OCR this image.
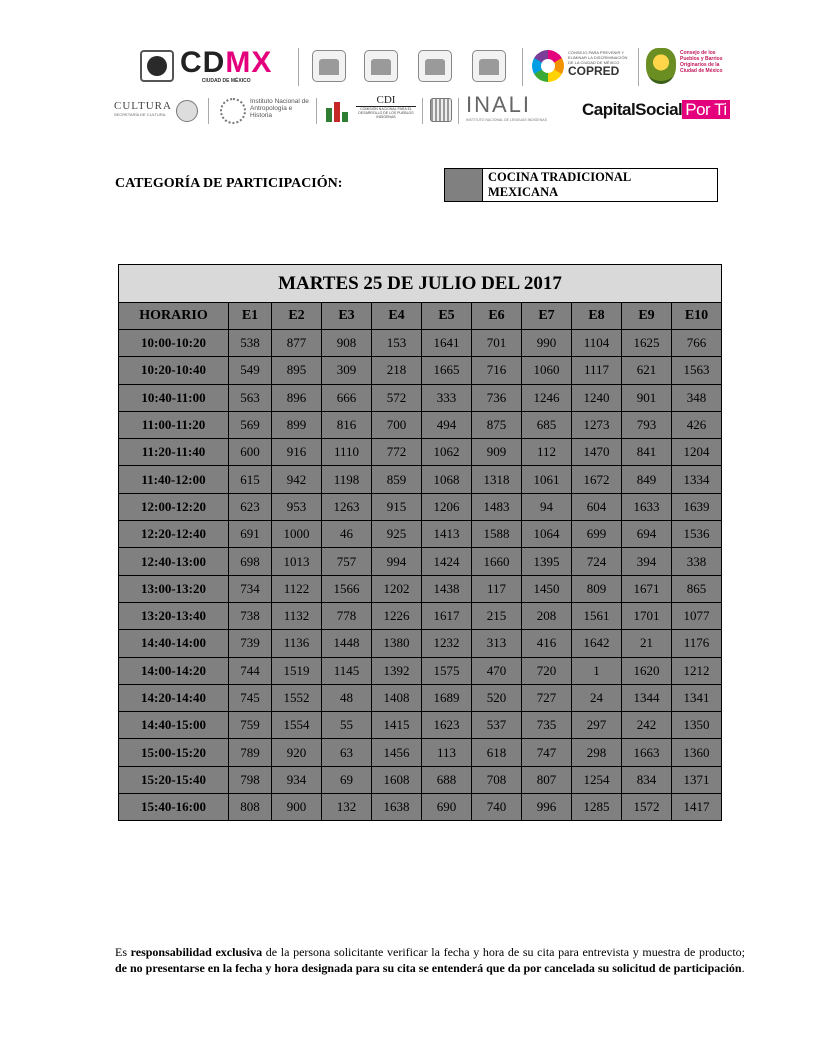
CDMX
CIUDAD DE MÉXICO
CONSEJO PARA PREVENIR Y ELIMINAR LA DISCRIMINACIÓN DE LA CIUDAD DE MÉXICO
COPRED
Consejo de los Pueblos y Barrios Originarios de la Ciudad de México
CULTURA
SECRETARÍA DE CULTURA
Instituto Nacional de Antropología e Historia
CDI
COMISIÓN NACIONAL PARA EL DESARROLLO DE LOS PUEBLOS INDÍGENAS	INALI
INSTITUTO NACIONAL DE LENGUAS INDÍGENAS
CapitalSocial Por Ti
CATEGORÍA DE PARTICIPACIÓN:	COCINA TRADICIONAL
MEXICANA
MARTES 25 DE JULIO DEL 2017										
HORARIO	E1	E2	E3	E4	E5	E6	E7	E8	E9	E10
10:00-10:20	538	877	908	153	1641	701	990	1104	1625	766
10:20-10:40	549	895	309	218	1665	716	1060	1117	621	1563
10:40-11:00	563	896	666	572	333	736	1246	1240	901	348
11:00-11:20	569	899	816	700	494	875	685	1273	793	426
11:20-11:40	600	916	1110	772	1062	909	112	1470	841	1204
11:40-12:00	615	942	1198	859	1068	1318	1061	1672	849	1334
12:00-12:20	623	953	1263	915	1206	1483	94	604	1633	1639
12:20-12:40	691	1000	46	925	1413	1588	1064	699	694	1536
12:40-13:00	698	1013	757	994	1424	1660	1395	724	394	338
13:00-13:20	734	1122	1566	1202	1438	117	1450	809	1671	865
13:20-13:40	738	1132	778	1226	1617	215	208	1561	1701	1077
14:40-14:00	739	1136	1448	1380	1232	313	416	1642	21	1176
14:00-14:20	744	1519	1145	1392	1575	470	720	1	1620	1212
14:20-14:40	745	1552	48	1408	1689	520	727	24	1344	1341
14:40-15:00	759	1554	55	1415	1623	537	735	297	242	1350
15:00-15:20	789	920	63	1456	113	618	747	298	1663	1360
15:20-15:40	798	934	69	1608	688	708	807	1254	834	1371
15:40-16:00	808	900	132	1638	690	740	996	1285	1572	1417
Es responsabilidad exclusiva de la persona solicitante verificar la fecha y hora de su cita para entrevista y muestra de producto; de no presentarse en la fecha y hora designada para su cita se entenderá que da por cancelada su solicitud de participación.
